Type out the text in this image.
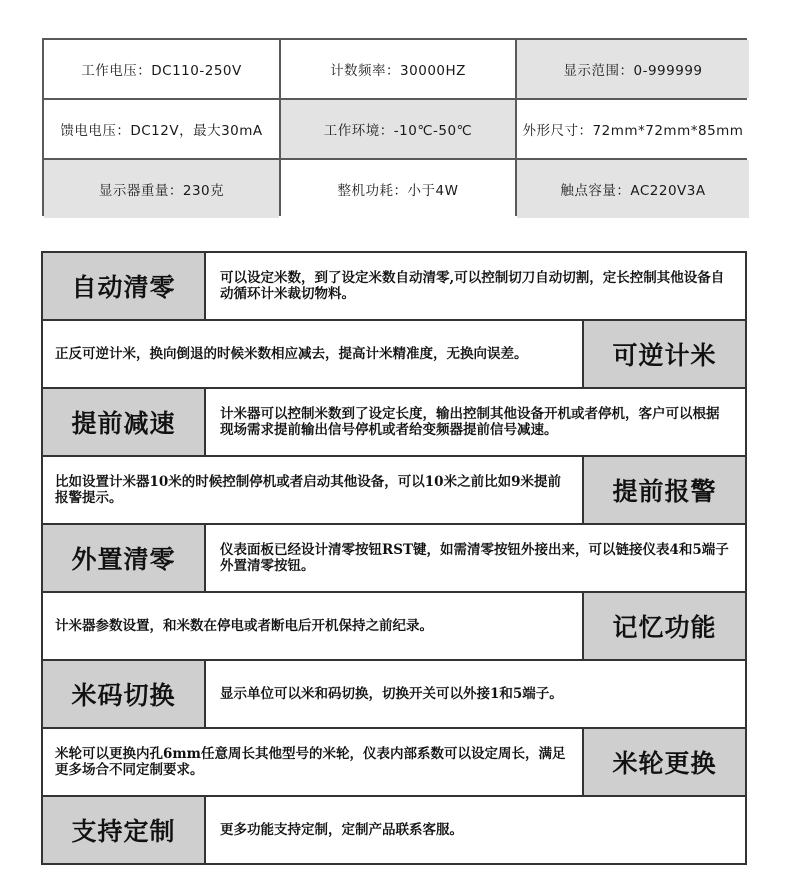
工作电压：DC110-250V	计数频率：30000HZ	显示范围：0-999999
馈电电压：DC12V，最大30mA	工作环境：-10℃-50℃	外形尺寸：72mm*72mm*85mm
显示器重量：230克	整机功耗：小于4W	触点容量：AC220V3A
自动清零	可以设定米数，到了设定米数自动清零,可以控制切刀自动切割，定长控制其他设备自动循环计米裁切物料。
正反可逆计米，换向倒退的时候米数相应减去，提高计米精准度，无换向误差。	可逆计米
提前减速	计米器可以控制米数到了设定长度，输出控制其他设备开机或者停机，客户可以根据现场需求提前输出信号停机或者给变频器提前信号减速。
比如设置计米器10米的时候控制停机或者启动其他设备，可以10米之前比如9米提前报警提示。	提前报警
外置清零	仪表面板已经设计清零按钮RST键，如需清零按钮外接出来，可以链接仪表4和5端子外置清零按钮。
计米器参数设置，和米数在停电或者断电后开机保持之前纪录。	记忆功能
米码切换	显示单位可以米和码切换，切换开关可以外接1和5端子。
米轮可以更换内孔6mm任意周长其他型号的米轮，仪表内部系数可以设定周长，满足更多场合不同定制要求。	米轮更换
支持定制	更多功能支持定制，定制产品联系客服。
